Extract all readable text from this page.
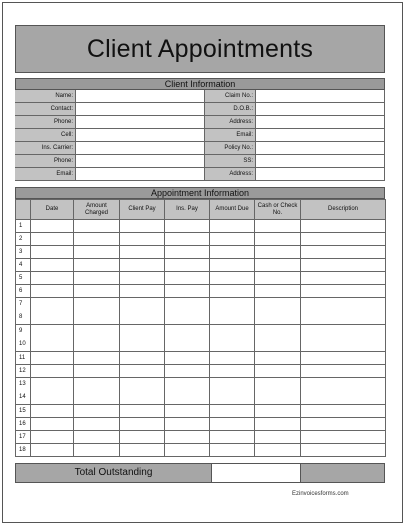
Client Appointments
Client Information
Name:	Claim No.:
Contact:	D.O.B.:
Phone:	Address:
Cell:	Email:
Ins. Carrier:	Policy No.:
Phone:	SS:
Email:	Address:
Appointment Information
	Date	Amount Charged	Client Pay	Ins. Pay	Amount Due	Cash or Check No.	Description
1							
2							
3							
4							
5							
6							

7
8							

9
10							

11							
12							

13
14							

15							
16							
17							
18							
Total Outstanding
Ezinvoicesforms.com
